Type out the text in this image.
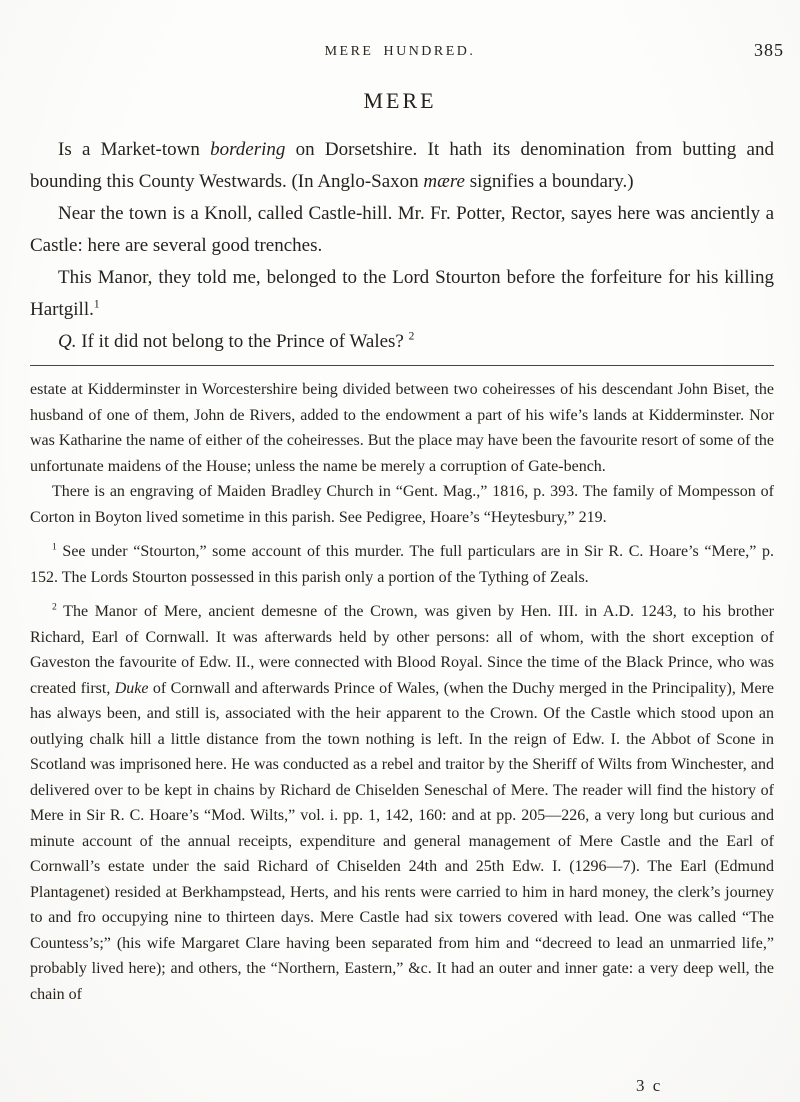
MERE HUNDRED.	385
MERE

Is a Market-town bordering on Dorsetshire. It hath its denomination from butting and bounding this County Westwards. (In Anglo-Saxon mære signifies a boundary.)

Near the town is a Knoll, called Castle-hill. Mr. Fr. Potter, Rector, sayes here was anciently a Castle: here are several good trenches.

This Manor, they told me, belonged to the Lord Stourton before the forfeiture for his killing Hartgill.$^1$

Q. If it did not belong to the Prince of Wales? $^2$

estate at Kidderminster in Worcestershire being divided between two coheiresses of his descendant John Biset, the husband of one of them, John de Rivers, added to the endowment a part of his wife’s lands at Kidderminster. Nor was Katharine the name of either of the coheiresses. But the place may have been the favourite resort of some of the unfortunate maidens of the House; unless the name be merely a corruption of Gate-bench.

There is an engraving of Maiden Bradley Church in “Gent. Mag.,” 1816, p. 393. The family of Mompesson of Corton in Boyton lived sometime in this parish. See Pedigree, Hoare’s “Heytesbury,” 219.

$^1$ See under “Stourton,” some account of this murder. The full particulars are in Sir R. C. Hoare’s “Mere,” p. 152. The Lords Stourton possessed in this parish only a portion of the Tything of Zeals.

$^2$ The Manor of Mere, ancient demesne of the Crown, was given by Hen. III. in A.D. 1243, to his brother Richard, Earl of Cornwall. It was afterwards held by other persons: all of whom, with the short exception of Gaveston the favourite of Edw. II., were connected with Blood Royal. Since the time of the Black Prince, who was created first, Duke of Cornwall and afterwards Prince of Wales, (when the Duchy merged in the Principality), Mere has always been, and still is, associated with the heir apparent to the Crown. Of the Castle which stood upon an outlying chalk hill a little distance from the town nothing is left. In the reign of Edw. I. the Abbot of Scone in Scotland was imprisoned here. He was conducted as a rebel and traitor by the Sheriff of Wilts from Winchester, and delivered over to be kept in chains by Richard de Chiselden Seneschal of Mere. The reader will find the history of Mere in Sir R. C. Hoare’s “Mod. Wilts,” vol. i. pp. 1, 142, 160: and at pp. 205—226, a very long but curious and minute account of the annual receipts, expenditure and general management of Mere Castle and the Earl of Cornwall’s estate under the said Richard of Chiselden 24th and 25th Edw. I. (1296—7). The Earl (Edmund Plantagenet) resided at Berkhampstead, Herts, and his rents were carried to him in hard money, the clerk’s journey to and fro occupying nine to thirteen days. Mere Castle had six towers covered with lead. One was called “The Countess’s;” (his wife Margaret Clare having been separated from him and “decreed to lead an unmarried life,” probably lived here); and others, the “Northern, Eastern,” &c. It had an outer and inner gate: a very deep well, the chain of

3 c
